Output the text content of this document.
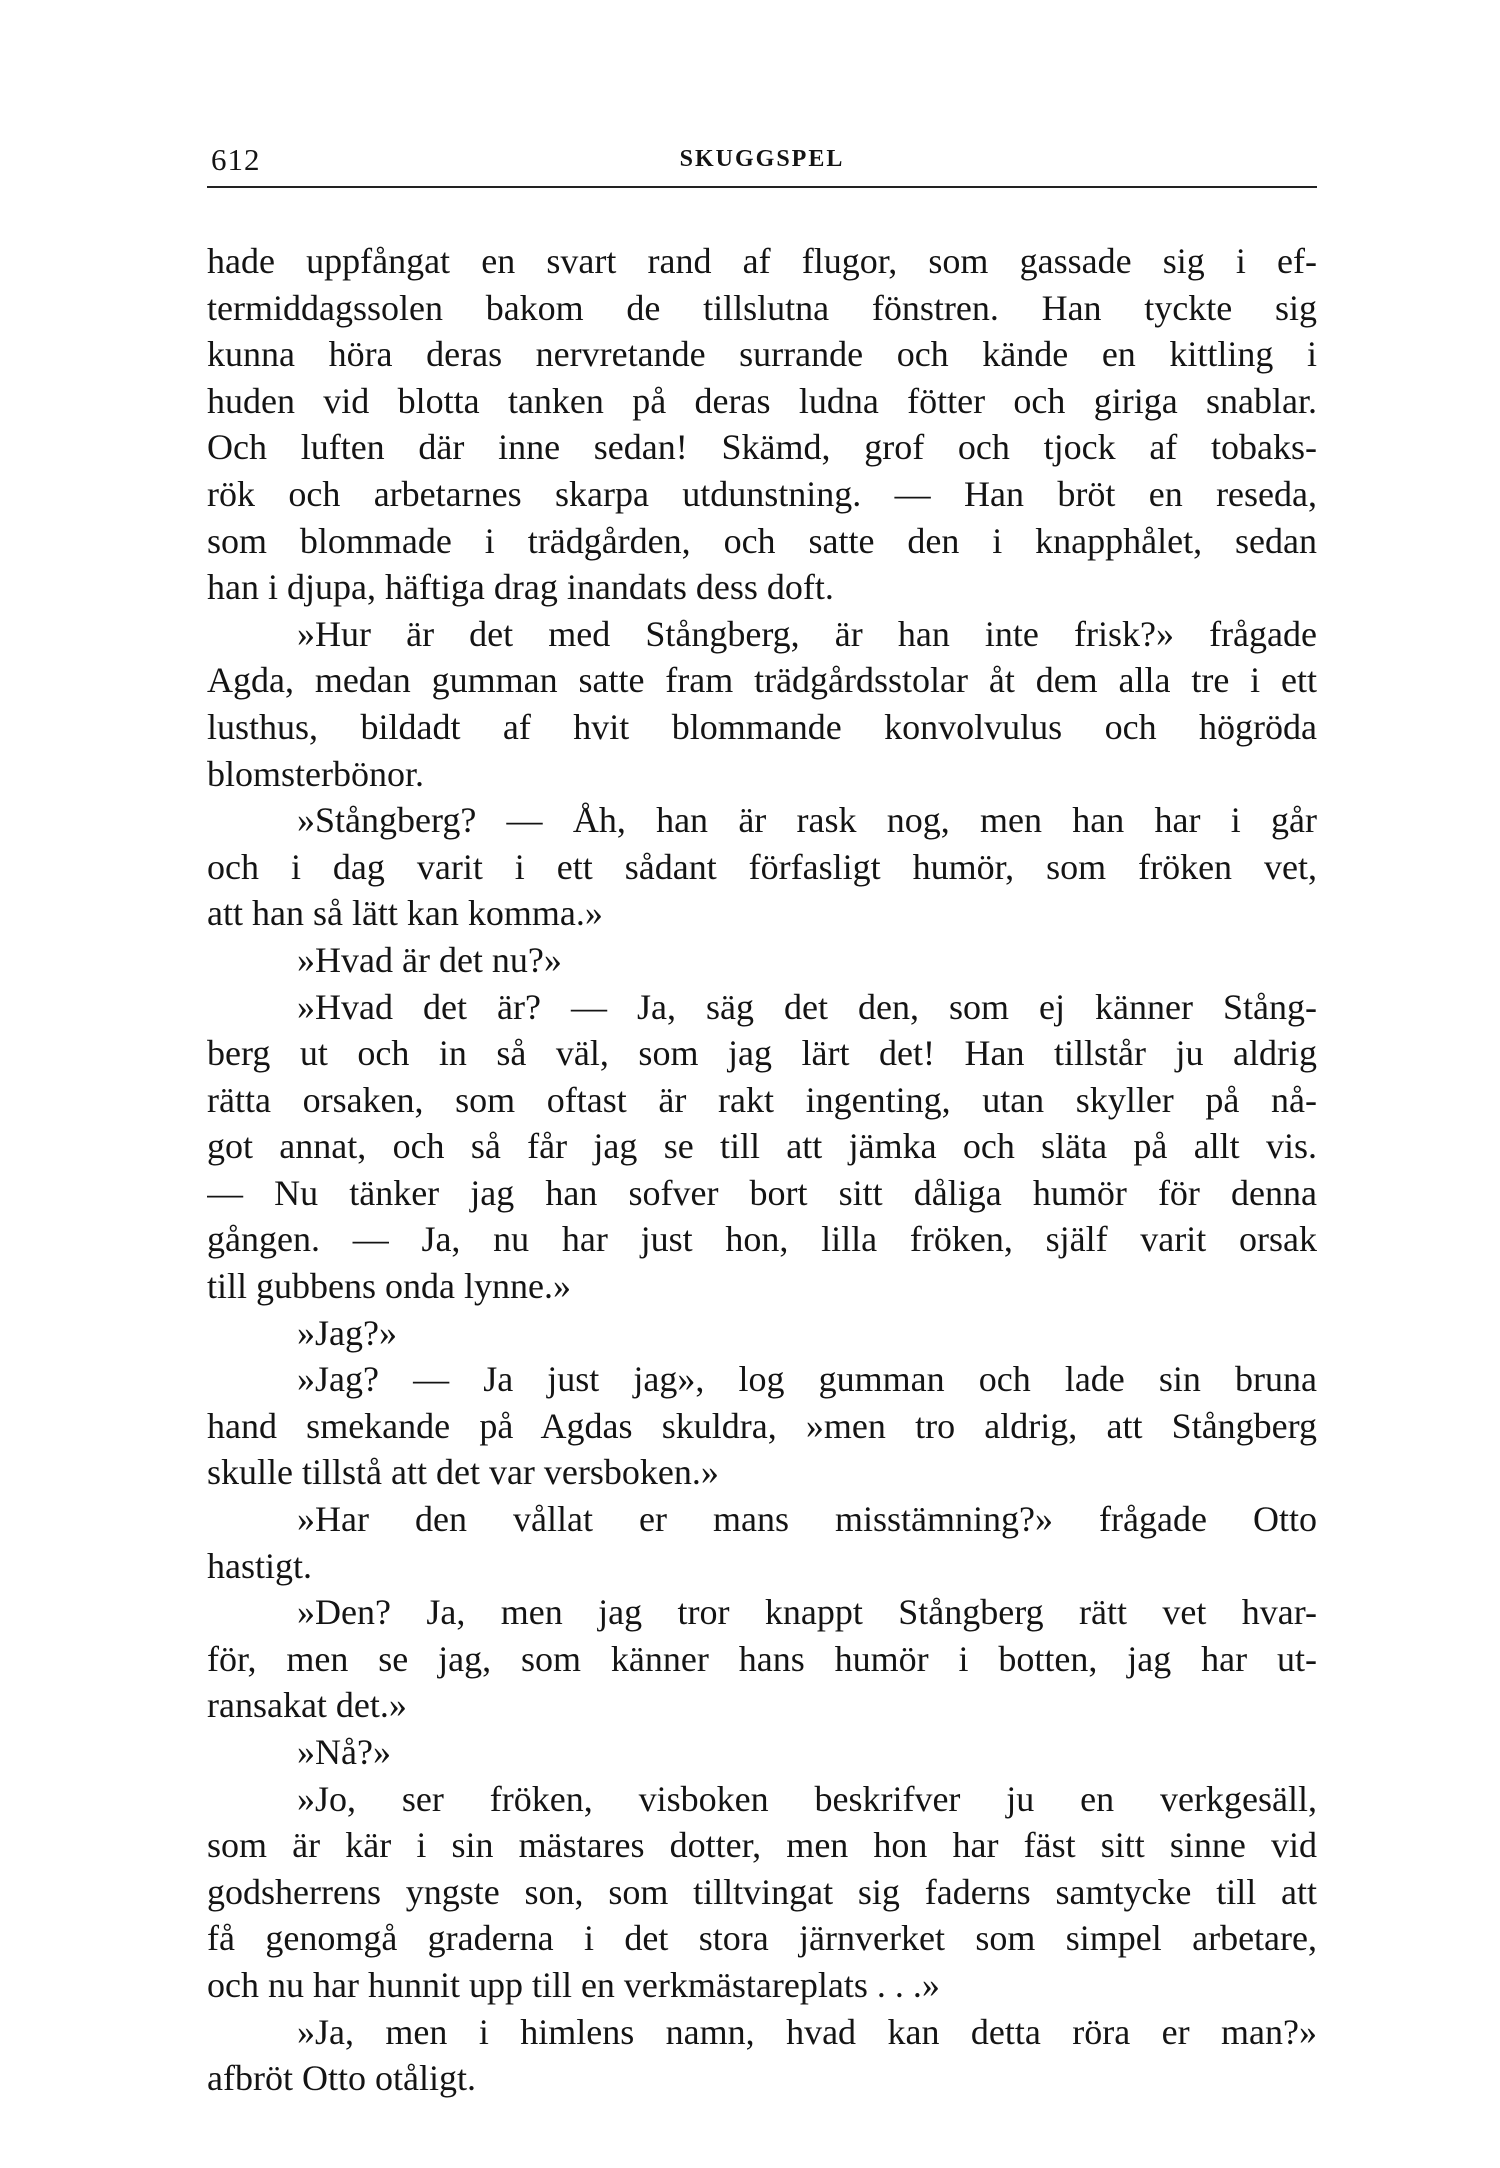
612	SKUGGSPEL

hade uppfångat en svart rand af flugor, som gassade sig i ef-
termiddagssolen bakom de tillslutna fönstren. Han tyckte sig
kunna höra deras nervretande surrande och kände en kittling i
huden vid blotta tanken på deras ludna fötter och giriga snablar.
Och luften där inne sedan! Skämd, grof och tjock af tobaks-
rök och arbetarnes skarpa utdunstning. — Han bröt en reseda,
som blommade i trädgården, och satte den i knapphålet, sedan
han i djupa, häftiga drag inandats dess doft.

»Hur är det med Stångberg, är han inte frisk?» frågade
Agda, medan gumman satte fram trädgårdsstolar åt dem alla tre i ett
lusthus, bildadt af hvit blommande konvolvulus och högröda
blomsterbönor.

»Stångberg? — Åh, han är rask nog, men han har i går
och i dag varit i ett sådant förfasligt humör, som fröken vet,
att han så lätt kan komma.»

»Hvad är det nu?»

»Hvad det är? — Ja, säg det den, som ej känner Stång-
berg ut och in så väl, som jag lärt det! Han tillstår ju aldrig
rätta orsaken, som oftast är rakt ingenting, utan skyller på nå-
got annat, och så får jag se till att jämka och släta på allt vis.
— Nu tänker jag han sofver bort sitt dåliga humör för denna
gången. — Ja, nu har just hon, lilla fröken, själf varit orsak
till gubbens onda lynne.»

»Jag?»

»Jag? — Ja just jag», log gumman och lade sin bruna
hand smekande på Agdas skuldra, »men tro aldrig, att Stångberg
skulle tillstå att det var versboken.»

»Har den vållat er mans misstämning?» frågade Otto
hastigt.

»Den? Ja, men jag tror knappt Stångberg rätt vet hvar-
för, men se jag, som känner hans humör i botten, jag har ut-
ransakat det.»

»Nå?»

»Jo, ser fröken, visboken beskrifver ju en verkgesäll,
som är kär i sin mästares dotter, men hon har fäst sitt sinne vid
godsherrens yngste son, som tilltvingat sig faderns samtycke till att
få genomgå graderna i det stora järnverket som simpel arbetare,
och nu har hunnit upp till en verkmästareplats . . .»

»Ja, men i himlens namn, hvad kan detta röra er man?»
afbröt Otto otåligt.
